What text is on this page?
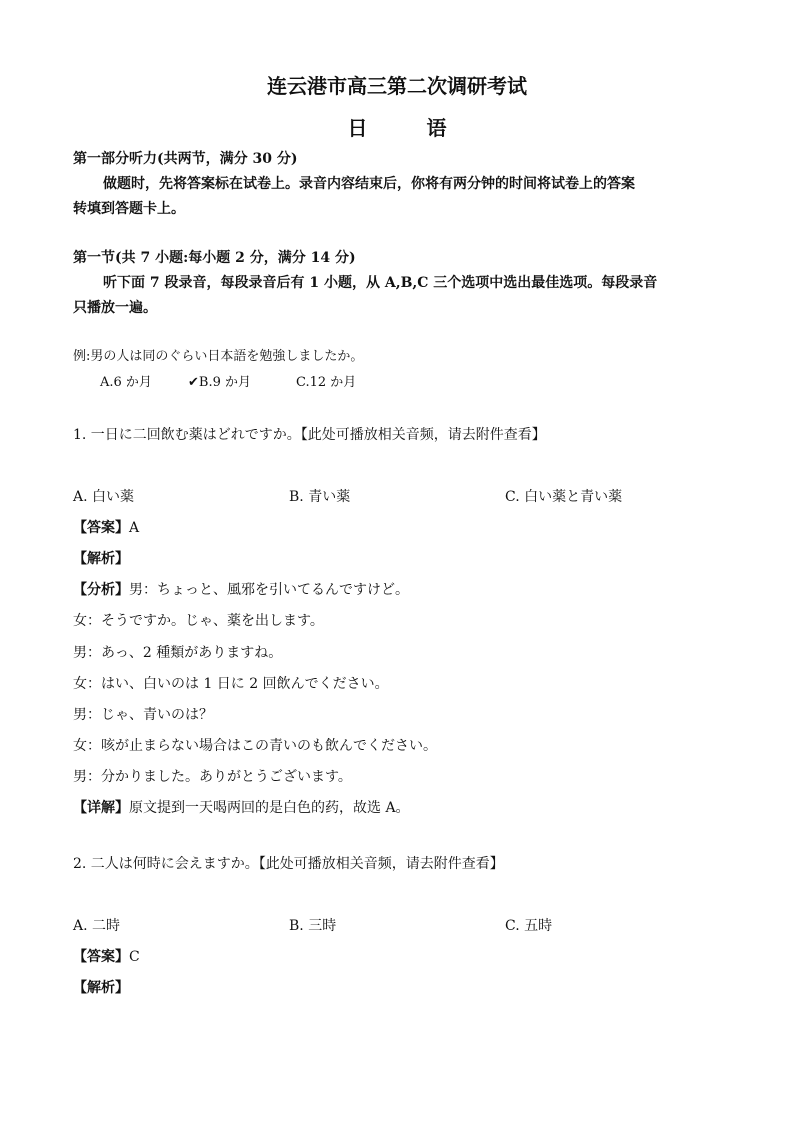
连云港市高三第二次调研考试
日 语
第一部分听力(共两节，满分 30 分)
做题时，先将答案标在试卷上。录音内容结束后，你将有两分钟的时间将试卷上的答案
转填到答题卡上。
第一节(共 7 小题:每小题 2 分，满分 14 分)
听下面 7 段录音，每段录音后有 1 小题，从 A,B,C 三个选项中选出最佳选项。每段录音
只播放一遍。
例:男の人は同のぐらい日本語を勉強しましたか。
A.6 か月	✔B.9 か月	C.12 か月
1. 一日に二回飲む薬はどれですか。【此处可播放相关音频，请去附件查看】
A. 白い薬	B. 青い薬	C. 白い薬と青い薬
【答案】A
【解析】
【分析】男：ちょっと、風邪を引いてるんですけど。
女：そうですか。じゃ、薬を出します。
男：あっ、2 種類がありますね。
女：はい、白いのは 1 日に 2 回飲んでください。
男：じゃ、青いのは？
女：咳が止まらない場合はこの青いのも飲んでください。
男：分かりました。ありがとうございます。
【详解】原文提到一天喝两回的是白色的药，故选 A。
2. 二人は何時に会えますか。【此处可播放相关音频，请去附件查看】
A. 二時	B. 三時	C. 五時
【答案】C
【解析】
